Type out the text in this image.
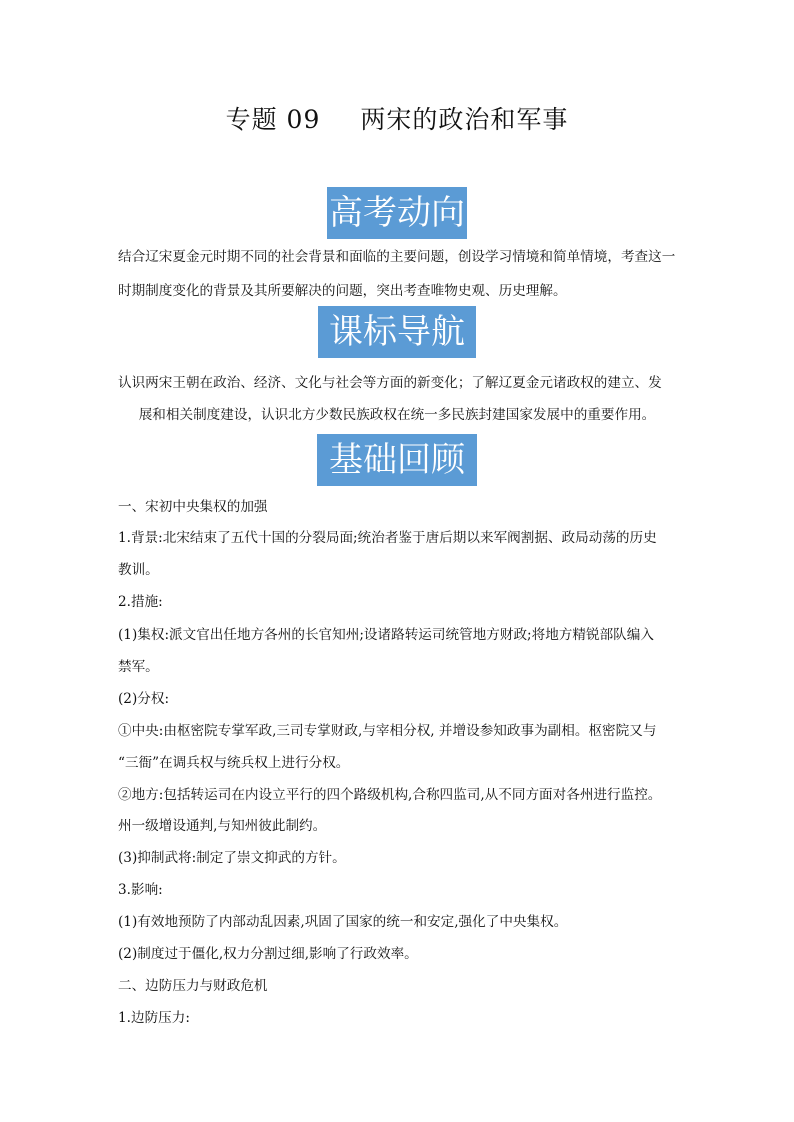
专题 09 两宋的政治和军事
高考动向
结合辽宋夏金元时期不同的社会背景和面临的主要问题，创设学习情境和简单情境，考查这一时期制度变化的背景及其所要解决的问题，突出考查唯物史观、历史理解。
课标导航
认识两宋王朝在政治、经济、文化与社会等方面的新变化；了解辽夏金元诸政权的建立、发
展和相关制度建设，认识北方少数民族政权在统一多民族封建国家发展中的重要作用。
基础回顾
一、宋初中央集权的加强
1.背景:北宋结束了五代十国的分裂局面;统治者鉴于唐后期以来军阀割据、政局动荡的历史
教训。
2.措施:
(1)集权:派文官出任地方各州的长官知州;设诸路转运司统管地方财政;将地方精锐部队编入
禁军。
(2)分权:
①中央:由枢密院专掌军政,三司专掌财政,与宰相分权, 并增设参知政事为副相。枢密院又与
“三衙”在调兵权与统兵权上进行分权。
②地方:包括转运司在内设立平行的四个路级机构,合称四监司,从不同方面对各州进行监控。
州一级增设通判,与知州彼此制约。
(3)抑制武将:制定了崇文抑武的方针。
3.影响:
(1)有效地预防了内部动乱因素,巩固了国家的统一和安定,强化了中央集权。
(2)制度过于僵化,权力分割过细,影响了行政效率。
二、边防压力与财政危机
1.边防压力:
